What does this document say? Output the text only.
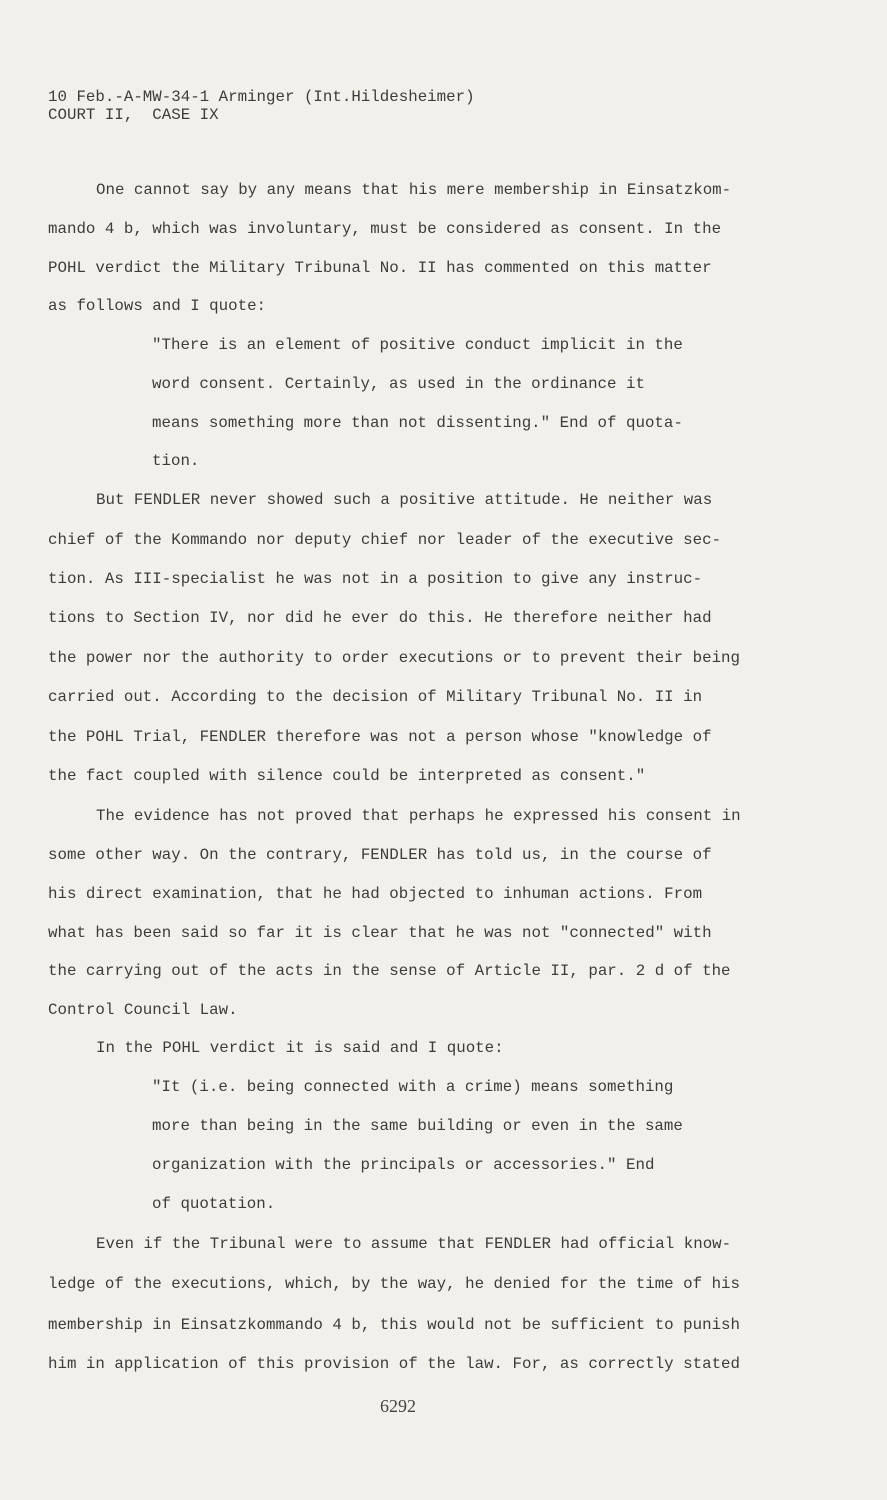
10 Feb.-A-MW-34-1 Arminger (Int.Hildesheimer)
COURT II,  CASE IX
One cannot say by any means that his mere membership in Einsatzkom-
mando 4 b, which was involuntary, must be considered as consent. In the
POHL verdict the Military Tribunal No. II has commented on this matter
as follows and I quote:
"There is an element of positive conduct implicit in the
word consent. Certainly, as used in the ordinance it
means something more than not dissenting." End of quota-
tion.
But FENDLER never showed such a positive attitude. He neither was
chief of the Kommando nor deputy chief nor leader of the executive sec-
tion. As III-specialist he was not in a position to give any instruc-
tions to Section IV, nor did he ever do this. He therefore neither had
the power nor the authority to order executions or to prevent their being
carried out. According to the decision of Military Tribunal No. II in
the POHL Trial, FENDLER therefore was not a person whose "knowledge of
the fact coupled with silence could be interpreted as consent."
The evidence has not proved that perhaps he expressed his consent in
some other way. On the contrary, FENDLER has told us, in the course of
his direct examination, that he had objected to inhuman actions. From
what has been said so far it is clear that he was not "connected" with
the carrying out of the acts in the sense of Article II, par. 2 d of the
Control Council Law.
In the POHL verdict it is said and I quote:
"It (i.e. being connected with a crime) means something
more than being in the same building or even in the same
organization with the principals or accessories." End
of quotation.
Even if the Tribunal were to assume that FENDLER had official know-
ledge of the executions, which, by the way, he denied for the time of his
membership in Einsatzkommando 4 b, this would not be sufficient to punish
him in application of this provision of the law. For, as correctly stated
6292
